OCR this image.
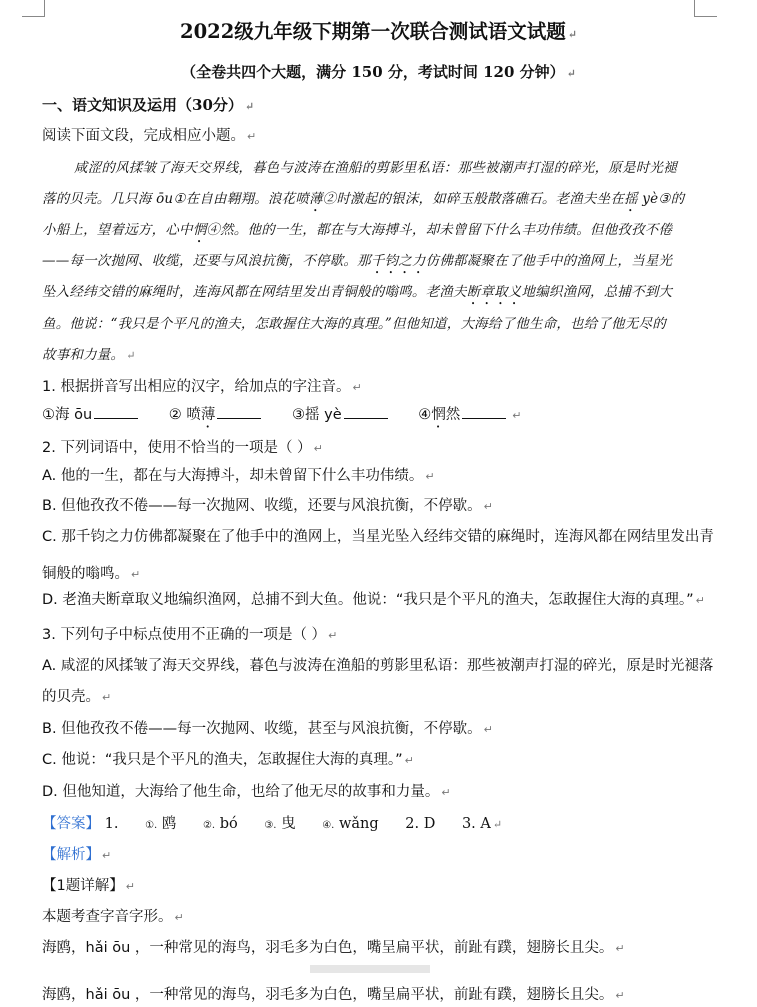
2022级九年级下期第一次联合测试语文试题 ↵
（全卷共四个大题，满分 150 分，考试时间 120 分钟） ↵
一、语文知识及运用（30分） ↵
阅读下面文段，完成相应小题。 ↵
咸涩的风揉皱了海天交界线，暮色与波涛在渔船的剪影里私语：那些被潮声打湿的碎光，原是时光褪
落的贝壳。几只海 ōu①在自由翱翔。浪花喷薄②时激起的银沫，如碎玉般散落礁石。老渔夫坐在摇 yè③的
小船上，望着远方，心中惘④然。他的一生，都在与大海搏斗，却未曾留下什么丰功伟绩。但他孜孜不倦
——每一次抛网、收缆，还要与风浪抗衡，不停歇。那千钧之力仿佛都凝聚在了他手中的渔网上，当星光
坠入经纬交错的麻绳时，连海风都在网结里发出青铜般的嗡鸣。老渔夫断章取义地编织渔网，总捕不到大
鱼。他说：“我只是个平凡的渔夫，怎敢握住大海的真理。”但他知道，大海给了他生命，也给了他无尽的
故事和力量。 ↵
1. 根据拼音写出相应的汉字，给加点的字注音。 ↵
①海 ōu	② 喷薄	③摇 yè	④惘然	↵
2. 下列词语中，使用不恰当的一项是（ ） ↵
A. 他的一生，都在与大海搏斗，却未曾留下什么丰功伟绩。 ↵
B. 但他孜孜不倦——每一次抛网、收缆，还要与风浪抗衡，不停歇。 ↵
C. 那千钧之力仿佛都凝聚在了他手中的渔网上，当星光坠入经纬交错的麻绳时，连海风都在网结里发出青
铜般的嗡鸣。 ↵
D. 老渔夫断章取义地编织渔网，总捕不到大鱼。他说：“我只是个平凡的渔夫，怎敢握住大海的真理。” ↵
3. 下列句子中标点使用不正确的一项是（ ） ↵
A. 咸涩的风揉皱了海天交界线，暮色与波涛在渔船的剪影里私语：那些被潮声打湿的碎光，原是时光褪落
的贝壳。 ↵
B. 但他孜孜不倦——每一次抛网、收缆，甚至与风浪抗衡，不停歇。 ↵
C. 他说：“我只是个平凡的渔夫，怎敢握住大海的真理。” ↵
D. 但他知道，大海给了他生命，也给了他无尽的故事和力量。 ↵
【答案】 1.	①. 鸥	②. bó	③. 曳	④. wǎng 2. D 3. A ↵
【解析】 ↵
【1题详解】 ↵
本题考查字音字形。 ↵
海鸥，hǎi ōu ，一种常见的海鸟，羽毛多为白色，嘴呈扁平状，前趾有蹼，翅膀长且尖。 ↵
海鸥，hǎi ōu ，一种常见的海鸟，羽毛多为白色，嘴呈扁平状，前趾有蹼，翅膀长且尖。 ↵
